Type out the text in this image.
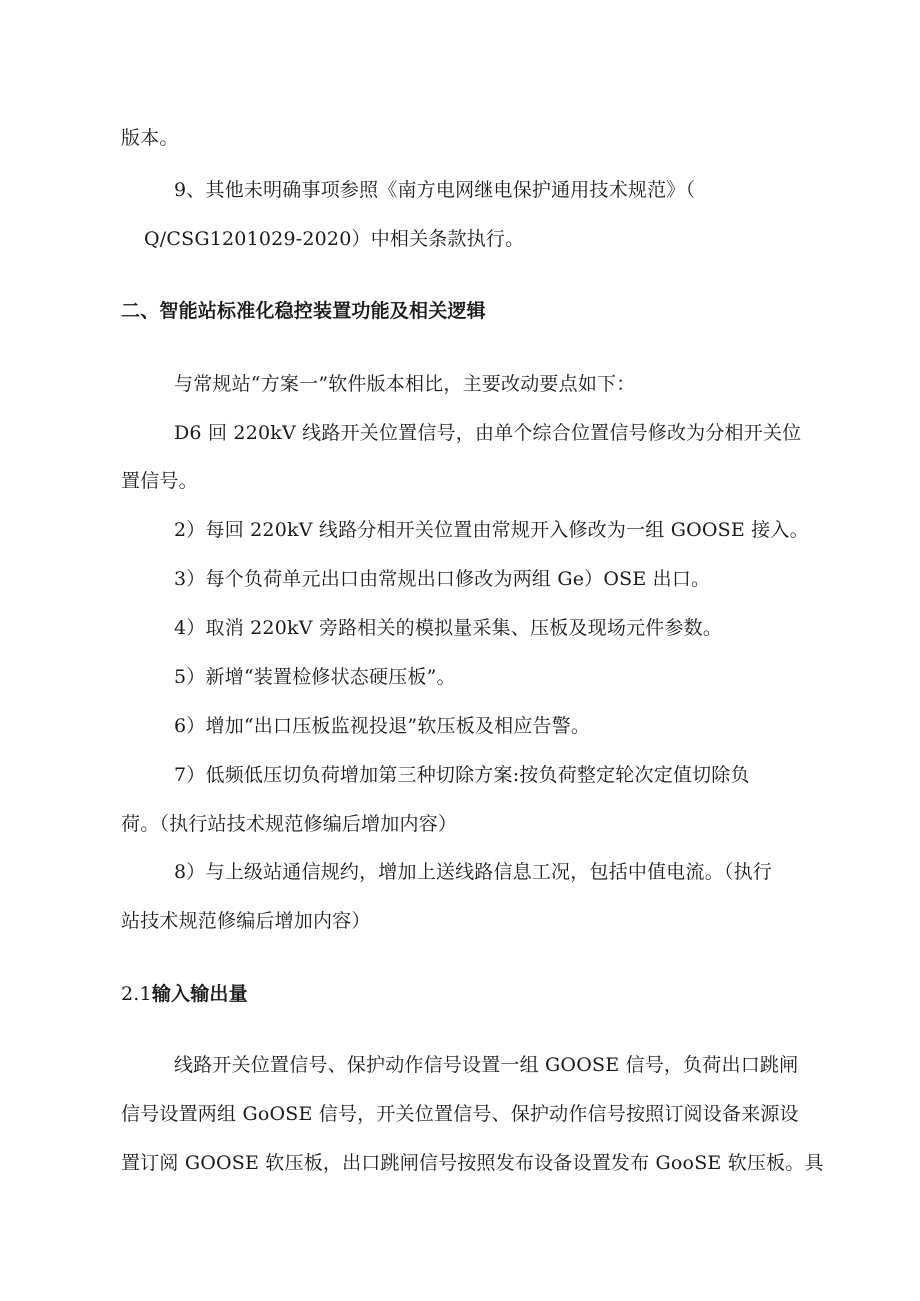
版本。
9、其他未明确事项参照《南方电网继电保护通用技术规范》（
Q/CSG1201029-2020）中相关条款执行。
二、智能站标准化稳控装置功能及相关逻辑
与常规站“方案一”软件版本相比，主要改动要点如下：
D6 回 220kV 线路开关位置信号，由单个综合位置信号修改为分相开关位
置信号。
2）每回 220kV 线路分相开关位置由常规开入修改为一组 GOOSE 接入。
3）每个负荷单元出口由常规出口修改为两组 Ge）OSE 出口。
4）取消 220kV 旁路相关的模拟量采集、压板及现场元件参数。
5）新增“装置检修状态硬压板”。
6）增加“出口压板监视投退”软压板及相应告警。
7）低频低压切负荷增加第三种切除方案:按负荷整定轮次定值切除负
荷。（执行站技术规范修编后增加内容）
8）与上级站通信规约，增加上送线路信息工况，包括中值电流。（执行
站技术规范修编后增加内容）
2.1输入输出量
线路开关位置信号、保护动作信号设置一组 GOOSE 信号，负荷出口跳闸
信号设置两组 GoOSE 信号，开关位置信号、保护动作信号按照订阅设备来源设
置订阅 GOOSE 软压板，出口跳闸信号按照发布设备设置发布 GooSE 软压板。具
